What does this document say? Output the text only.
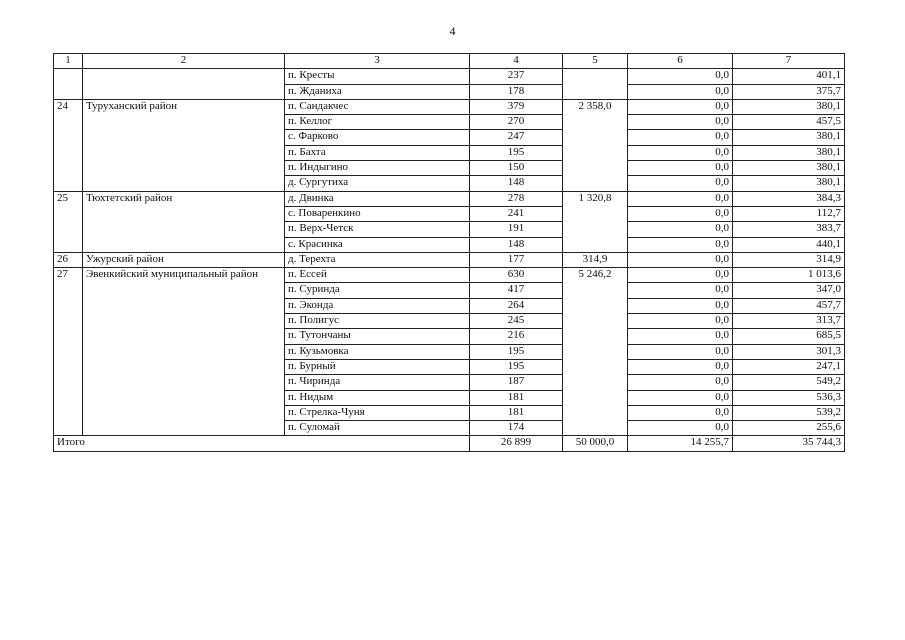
4
1	2	3	4	5	6	7
		п. Кресты	237		0,0	401,1
		п. Жданиха	178		0,0	375,7
24	Туруханский район	п. Сандакчес	379	2 358,0	0,0	380,1
		п. Келлог	270		0,0	457,5
		с. Фарково	247		0,0	380,1
		п. Бахта	195		0,0	380,1
		п. Индыгино	150		0,0	380,1
		д. Сургутиха	148		0,0	380,1
25	Тюхтетский район	д. Двинка	278	1 320,8	0,0	384,3
		с. Поваренкино	241		0,0	112,7
		п. Верх-Четск	191		0,0	383,7
		с. Красинка	148		0,0	440,1
26	Ужурский район	д. Терехта	177	314,9	0,0	314,9
27	Эвенкийский муниципальный район	п. Ессей	630	5 246,2	0,0	1 013,6
		п. Суринда	417		0,0	347,0
		п. Эконда	264		0,0	457,7
		п. Полигус	245		0,0	313,7
		п. Тутончаны	216		0,0	685,5
		п. Кузьмовка	195		0,0	301,3
		п. Бурный	195		0,0	247,1
		п. Чиринда	187		0,0	549,2
		п. Нидым	181		0,0	536,3
		п. Стрелка-Чуня	181		0,0	539,2
		п. Суломай	174		0,0	255,6
Итого			26 899	50 000,0	14 255,7	35 744,3
